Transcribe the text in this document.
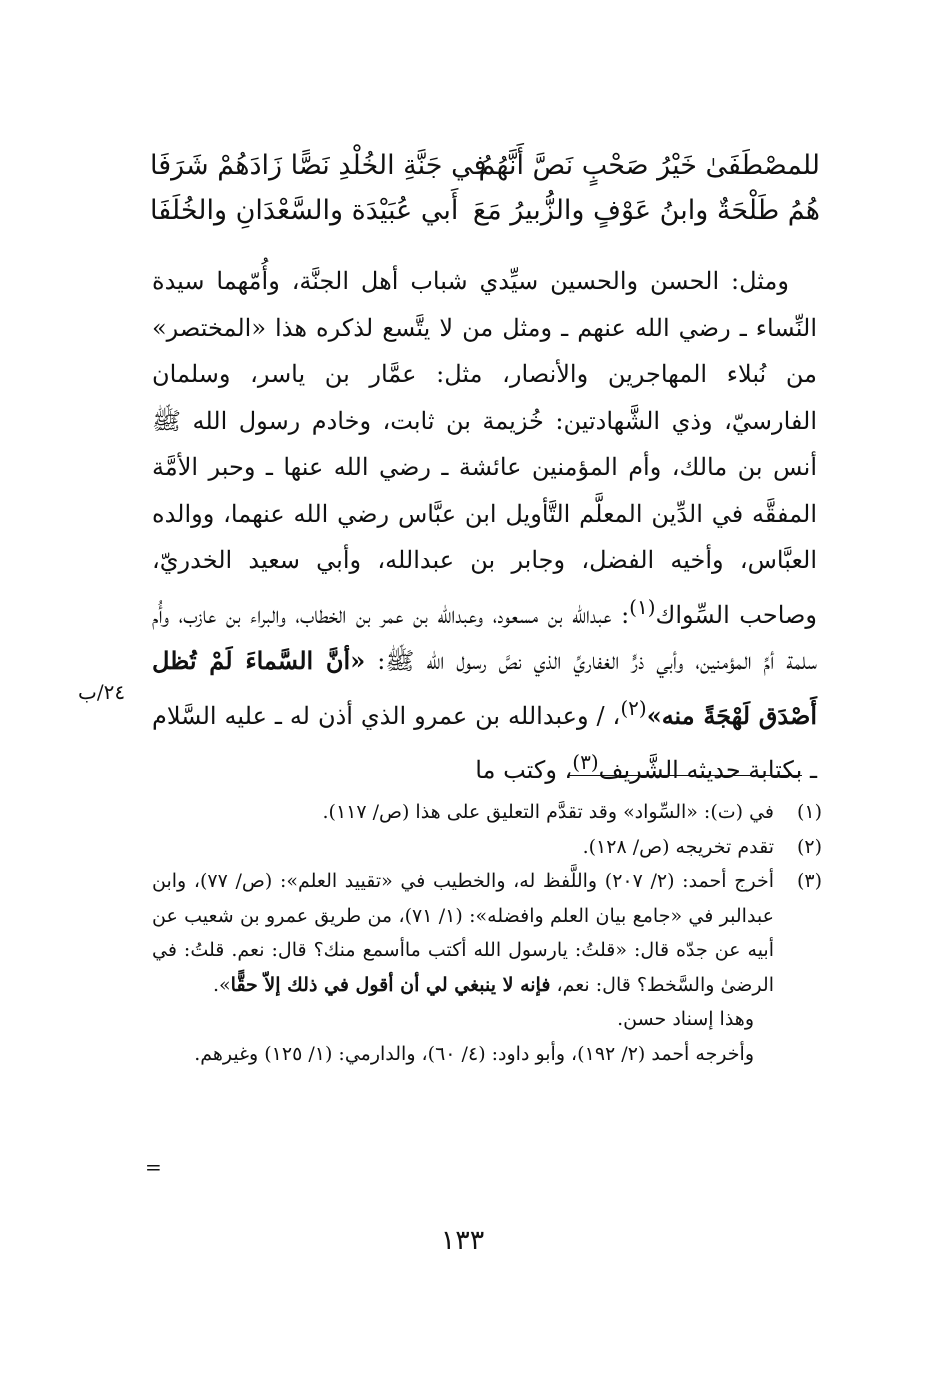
للمصْطَفَىٰ خَيْرُ صَحْبٍ نَصَّ أَنَّهُمُ
في جَنَّةِ الخُلْدِ نَصًّا زَادَهُمْ شَرَفَا
هُمُ طَلْحَةٌ وابنُ عَوْفٍ والزُّبيرُ مَعَ
أَبي عُبَيْدَة والسَّعْدَانِ والخُلَفَا

ومثل: الحسن والحسين سيِّدي شباب أهل الجنَّة، وأُمّهما سيدة النِّساء ـ رضي الله عنهم ـ ومثل من لا يتَّسع لذكره هذا «المختصر» من نُبلاء المهاجرين والأنصار، مثل: عمَّار بن ياسر، وسلمان الفارسيّ، وذي الشَّهادتين: خُزيمة بن ثابت، وخادم رسول الله ﷺ أنس بن مالك، وأم المؤمنين عائشة ـ رضي الله عنها ـ وحبر الأمَّة المفقَّه في الدِّين المعلَّم التَّأويل ابن عبَّاس رضي الله عنهما، ووالده العبَّاس، وأخيه الفضل، وجابر بن عبدالله، وأبي سعيد الخدريّ، وصاحب السِّواك$^{(١)}$: عبدالله بن مسعود، وعبدالله بن عمر بن الخطاب، والبراء بن عازب، وأُم سلمة أمِّ المؤمنين، وأبي ذرٍّ الغفاريِّ الذي نصَّ رسول الله ﷺ: «أنَّ السَّماءَ لَمْ تُظل أَصْدَق لَهْجَةً منه»$^{(٢)}$، / وعبدالله بن عمرو الذي أذن له ـ عليه السَّلام ـ بكتابة حديثه الشَّريف$^{(٣)}$، وكتب ما

٢٤/ب
(١)
في (ت): «السِّواد» وقد تقدَّم التعليق على هذا (ص/ ١١٧).
(٢)
تقدم تخريجه (ص/ ١٢٨).
(٣)

أخرج أحمد: (٢/ ٢٠٧) واللَّفظ له، والخطيب في «تقييد العلم»: (ص/ ٧٧)، وابن عبدالبر في «جامع بيان العلم وافضله»: (١/ ٧١)، من طريق عمرو بن شعيب عن أبيه عن جدّه قال: «قلتُ: يارسول الله أكتب ماأسمع منك؟ قال: نعم. قلتُ: في الرضىٰ والسَّخط؟ قال: نعم، فإنه لا ينبغي لي أن أقول في ذلك إلاّ حقًّا».

وهذا إسناد حسن.

وأخرجه أحمد (٢/ ١٩٢)، وأبو داود: (٤/ ٦٠)، والدارمي: (١/ ١٢٥) وغيرهم.

=
١٣٣
